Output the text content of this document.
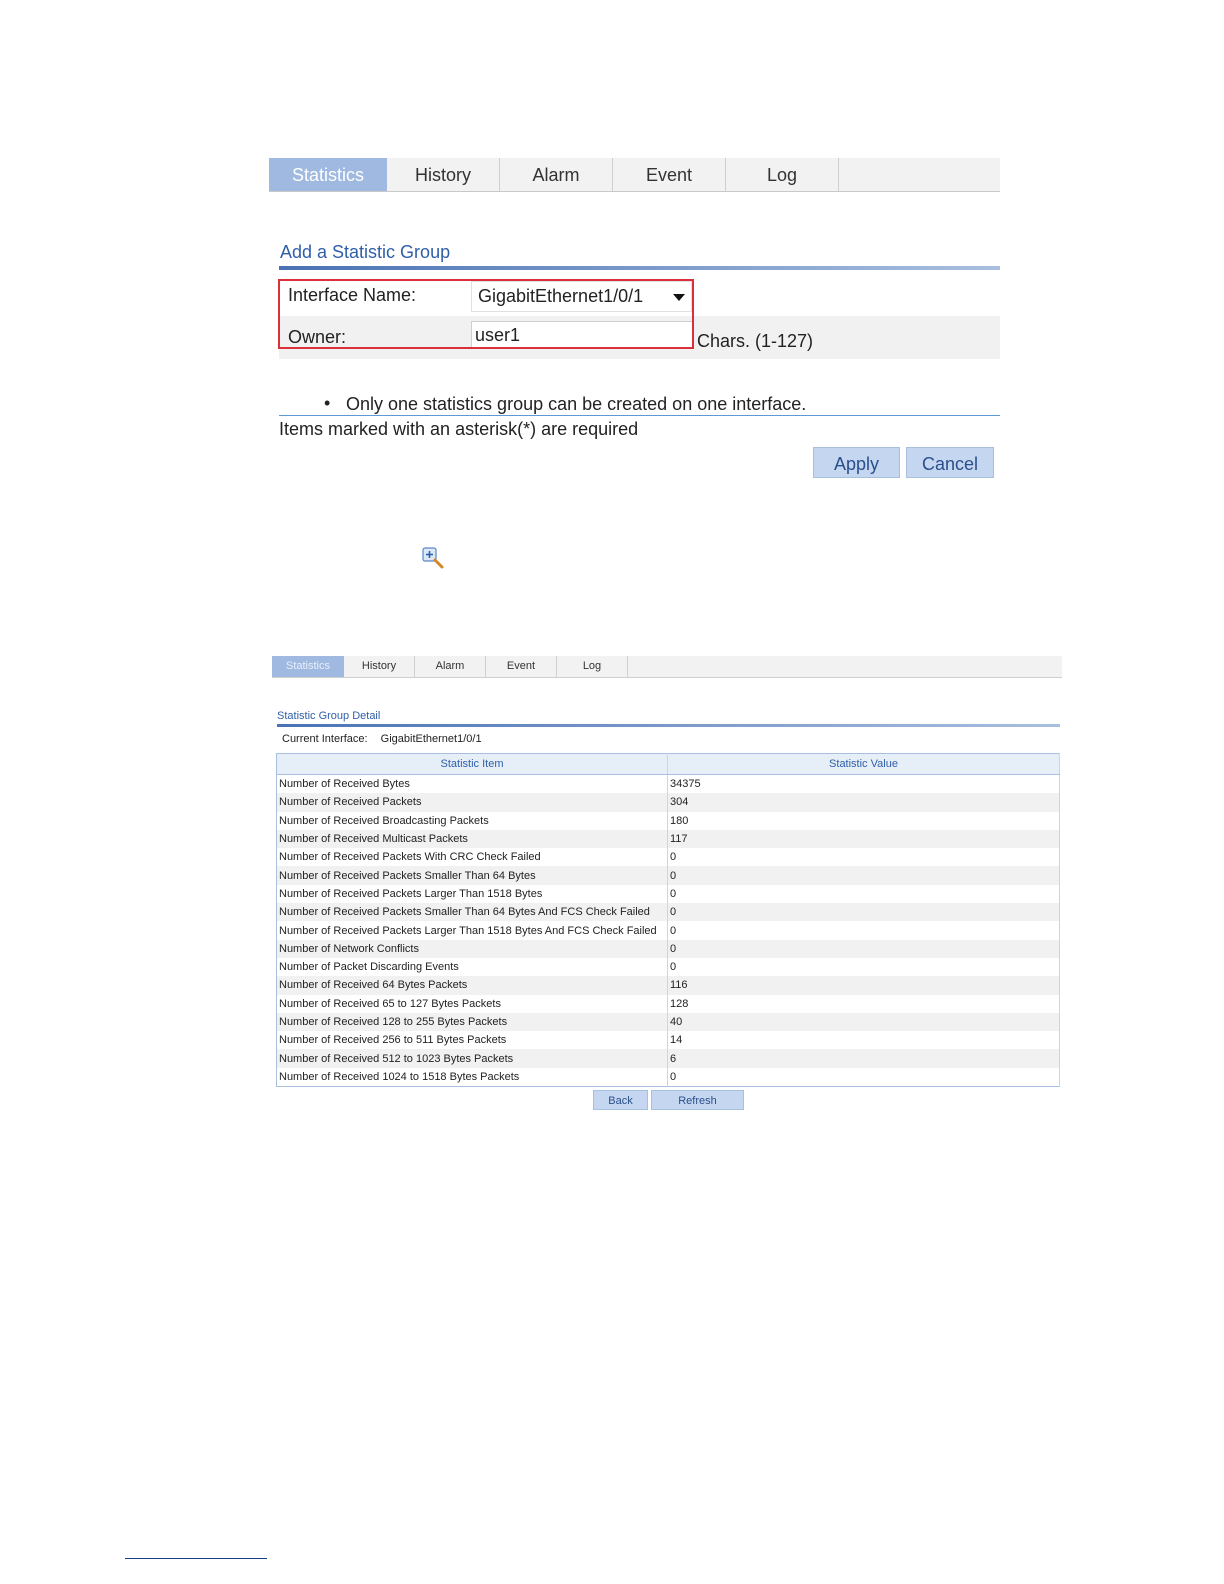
Statistics	History	Alarm	Event	Log
Add a Statistic Group
Interface Name:	GigabitEthernet1/0/1
Owner:
user1	Chars. (1-127)
• Only one statistics group can be created on one interface.
Items marked with an asterisk(*) are required
Apply	Cancel
Statistics	History	Alarm	Event	Log
Statistic Group Detail
Current Interface: GigabitEthernet1/0/1
Statistic Item	Statistic Value
Number of Received Bytes	34375
Number of Received Packets	304
Number of Received Broadcasting Packets	180
Number of Received Multicast Packets	117
Number of Received Packets With CRC Check Failed	0
Number of Received Packets Smaller Than 64 Bytes	0
Number of Received Packets Larger Than 1518 Bytes	0
Number of Received Packets Smaller Than 64 Bytes And FCS Check Failed	0
Number of Received Packets Larger Than 1518 Bytes And FCS Check Failed	0
Number of Network Conflicts	0
Number of Packet Discarding Events	0
Number of Received 64 Bytes Packets	116
Number of Received 65 to 127 Bytes Packets	128
Number of Received 128 to 255 Bytes Packets	40
Number of Received 256 to 511 Bytes Packets	14
Number of Received 512 to 1023 Bytes Packets	6
Number of Received 1024 to 1518 Bytes Packets	0
Back	Refresh
